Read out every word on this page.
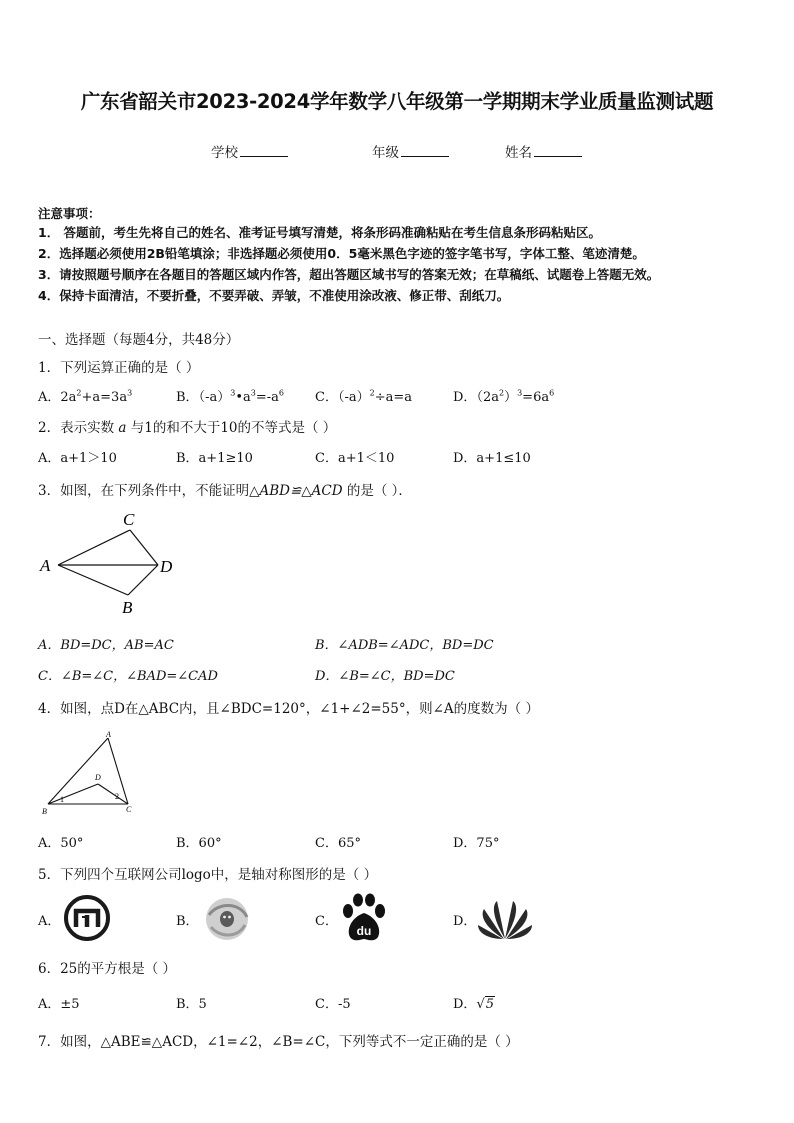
广东省韶关市2023-2024学年数学八年级第一学期期末学业质量监测试题
学校	年级	姓名
注意事项：
1． 答题前，考生先将自己的姓名、准考证号填写清楚，将条形码准确粘贴在考生信息条形码粘贴区。
2．选择题必须使用2B铅笔填涂；非选择题必须使用0．5毫米黑色字迹的签字笔书写，字体工整、笔迹清楚。
3．请按照题号顺序在各题目的答题区域内作答，超出答题区域书写的答案无效；在草稿纸、试题卷上答题无效。
4．保持卡面清洁，不要折叠，不要弄破、弄皱，不准使用涂改液、修正带、刮纸刀。
一、选择题（每题4分，共48分）
1．下列运算正确的是（ ）
A．$2a^2+a=3a^3$	B．$(-a)^3•a^3=-a^6$ C．$(-a)^2\div a=a$	D．$(2a^2)^3=6a^6$
2．表示实数 a 与1的和不大于10的不等式是（ ）
A．a+1＞10	B．a+1≥10	C．a+1＜10	D．a+1≤10
3．如图，在下列条件中，不能证明△ABD≌△ACD 的是（ ）．
A
C
D
B
A．BD=DC，AB=AC	B．∠ADB=∠ADC，BD=DC
C．∠B=∠C，∠BAD=∠CAD	D．∠B=∠C，BD=DC
4．如图，点D在△ABC内，且∠BDC=120°，∠1+∠2=55°，则∠A的度数为（ ）
A
D
B	C
1	2
A．50°	B．60°	C．65°	D．75°
5．下列四个互联网公司logo中，是轴对称图形的是（ ）
A．	B．	C．
du
D．
6．25的平方根是（ ）
A．±5	B．5	C．-5	D．√5
7．如图，△ABE≌△ACD，∠1=∠2，∠B=∠C，下列等式不一定正确的是（ ）
